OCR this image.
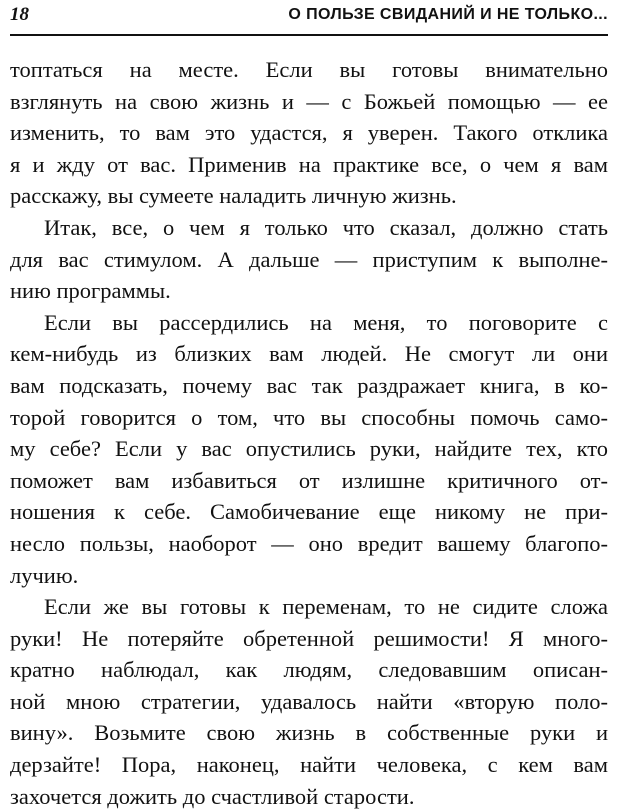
18	О ПОЛЬЗЕ СВИДАНИЙ И НЕ ТОЛЬКО...

топтаться на месте. Если вы готовы внимательно
взглянуть на свою жизнь и — с Божьей помощью — ее
изменить, то вам это удастся, я уверен. Такого отклика
я и жду от вас. Применив на практике все, о чем я вам
расскажу, вы сумеете наладить личную жизнь.

Итак, все, о чем я только что сказал, должно стать
для вас стимулом. А дальше — приступим к выполне-
нию программы.

Если вы рассердились на меня, то поговорите с
кем-нибудь из близких вам людей. Не смогут ли они
вам подсказать, почему вас так раздражает книга, в ко-
торой говорится о том, что вы способны помочь само-
му себе? Если у вас опустились руки, найдите тех, кто
поможет вам избавиться от излишне критичного от-
ношения к себе. Самобичевание еще никому не при-
несло пользы, наоборот — оно вредит вашему благопо-
лучию.

Если же вы готовы к переменам, то не сидите сложа
руки! Не потеряйте обретенной решимости! Я много-
кратно наблюдал, как людям, следовавшим описан-
ной мною стратегии, удавалось найти «вторую поло-
вину». Возьмите свою жизнь в собственные руки и
дерзайте! Пора, наконец, найти человека, с кем вам
захочется дожить до счастливой старости.
